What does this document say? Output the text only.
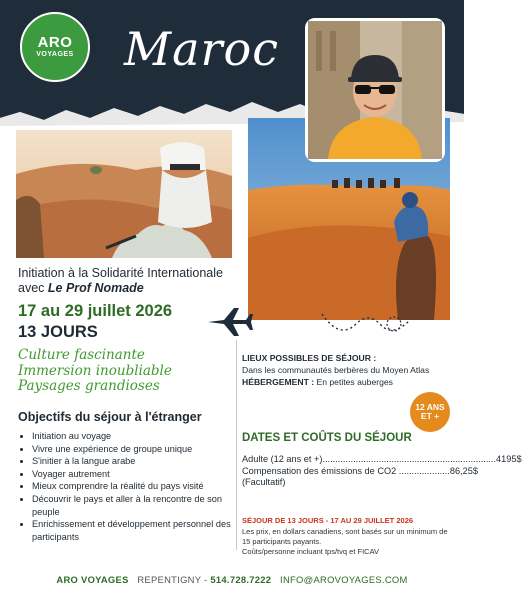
ARO
VOYAGES Maroc
Initiation à la Solidarité Internationale
avec Le Prof Nomade
17 au 29 juillet 2026
13 JOURS
Culture fascinante
Immersion inoubliable
Paysages grandioses
Objectifs du séjour à l'étranger
• Initiation au voyage
• Vivre une expérience de groupe unique
• S'initier à la langue arabe
• Voyager autrement
• Mieux comprendre la réalité du pays visité
• Découvrir le pays et aller à la rencontre de son peuple
• Enrichissement et développement personnel des participants
LIEUX POSSIBLES DE SÉJOUR :
Dans les communautés berbères du Moyen Atlas
HÉBERGEMENT : En petites auberges
12 ANS
ET +
DATES ET COÛTS DU SÉJOUR
Adulte (12 ans et +) .................................................................... 4195$
Compensation des émissions de CO2 .................... 86,25$
(Facultatif)
SÉJOUR DE 13 JOURS - 17 AU 29 JUILLET 2026
Les prix, en dollars canadiens, sont basés sur un minimum de 15 participants payants.
Coûts/personne incluant tps/tvq et FICAV
ARO VOYAGES REPENTIGNY - 514.728.7222 INFO@AROVOYAGES.COM
